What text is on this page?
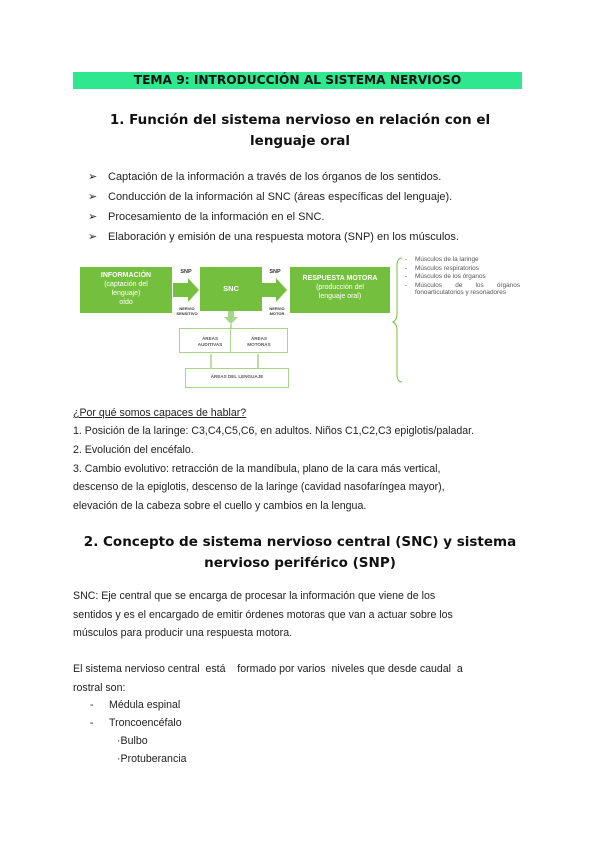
TEMA 9: INTRODUCCIÓN AL SISTEMA NERVIOSO
1. Función del sistema nervioso en relación con el
lenguaje oral
➢ Captación de la información a través de los órganos de los sentidos.
➢ Conducción de la información al SNC (áreas específicas del lenguaje).
➢ Procesamiento de la información en el SNC.
➢ Elaboración y emisión de una respuesta motora (SNP) en los músculos.
INFORMACIÓN
(captación del
lenguaje)
oído
SNP
NERVIO
SENSITIVO
SNC
SNP
NERVIO
MOTOR
RESPUESTA MOTORA
(producción del
lenguaje oral)
ÁREAS
AUDITIVAS
ÁREAS
MOTORAS
ÁREAS DEL LENGUAJE
- Músculos de la laringe
- Músculos respiratorios
- Músculos de los órganos
- Músculos de los órganos fonoarticulatorios y resonadores
¿Por qué somos capaces de hablar?
1. Posición de la laringe: C3,C4,C5,C6, en adultos. Niños C1,C2,C3 epiglotis/paladar.
2. Evolución del encéfalo.
3. Cambio evolutivo: retracción de la mandíbula, plano de la cara más vertical,
descenso de la epiglotis, descenso de la laringe (cavidad nasofaríngea mayor),
elevación de la cabeza sobre el cuello y cambios en la lengua.
2. Concepto de sistema nervioso central (SNC) y sistema
nervioso periférico (SNP)
SNC: Eje central que se encarga de procesar la información que viene de los
sentidos y es el encargado de emitir órdenes motoras que van a actuar sobre los
músculos para producir una respuesta motora.
El sistema nervioso central  está    formado por varios  niveles que desde caudal  a
rostral son:
- Médula espinal
- Troncoencéfalo
·Bulbo
·Protuberancia
